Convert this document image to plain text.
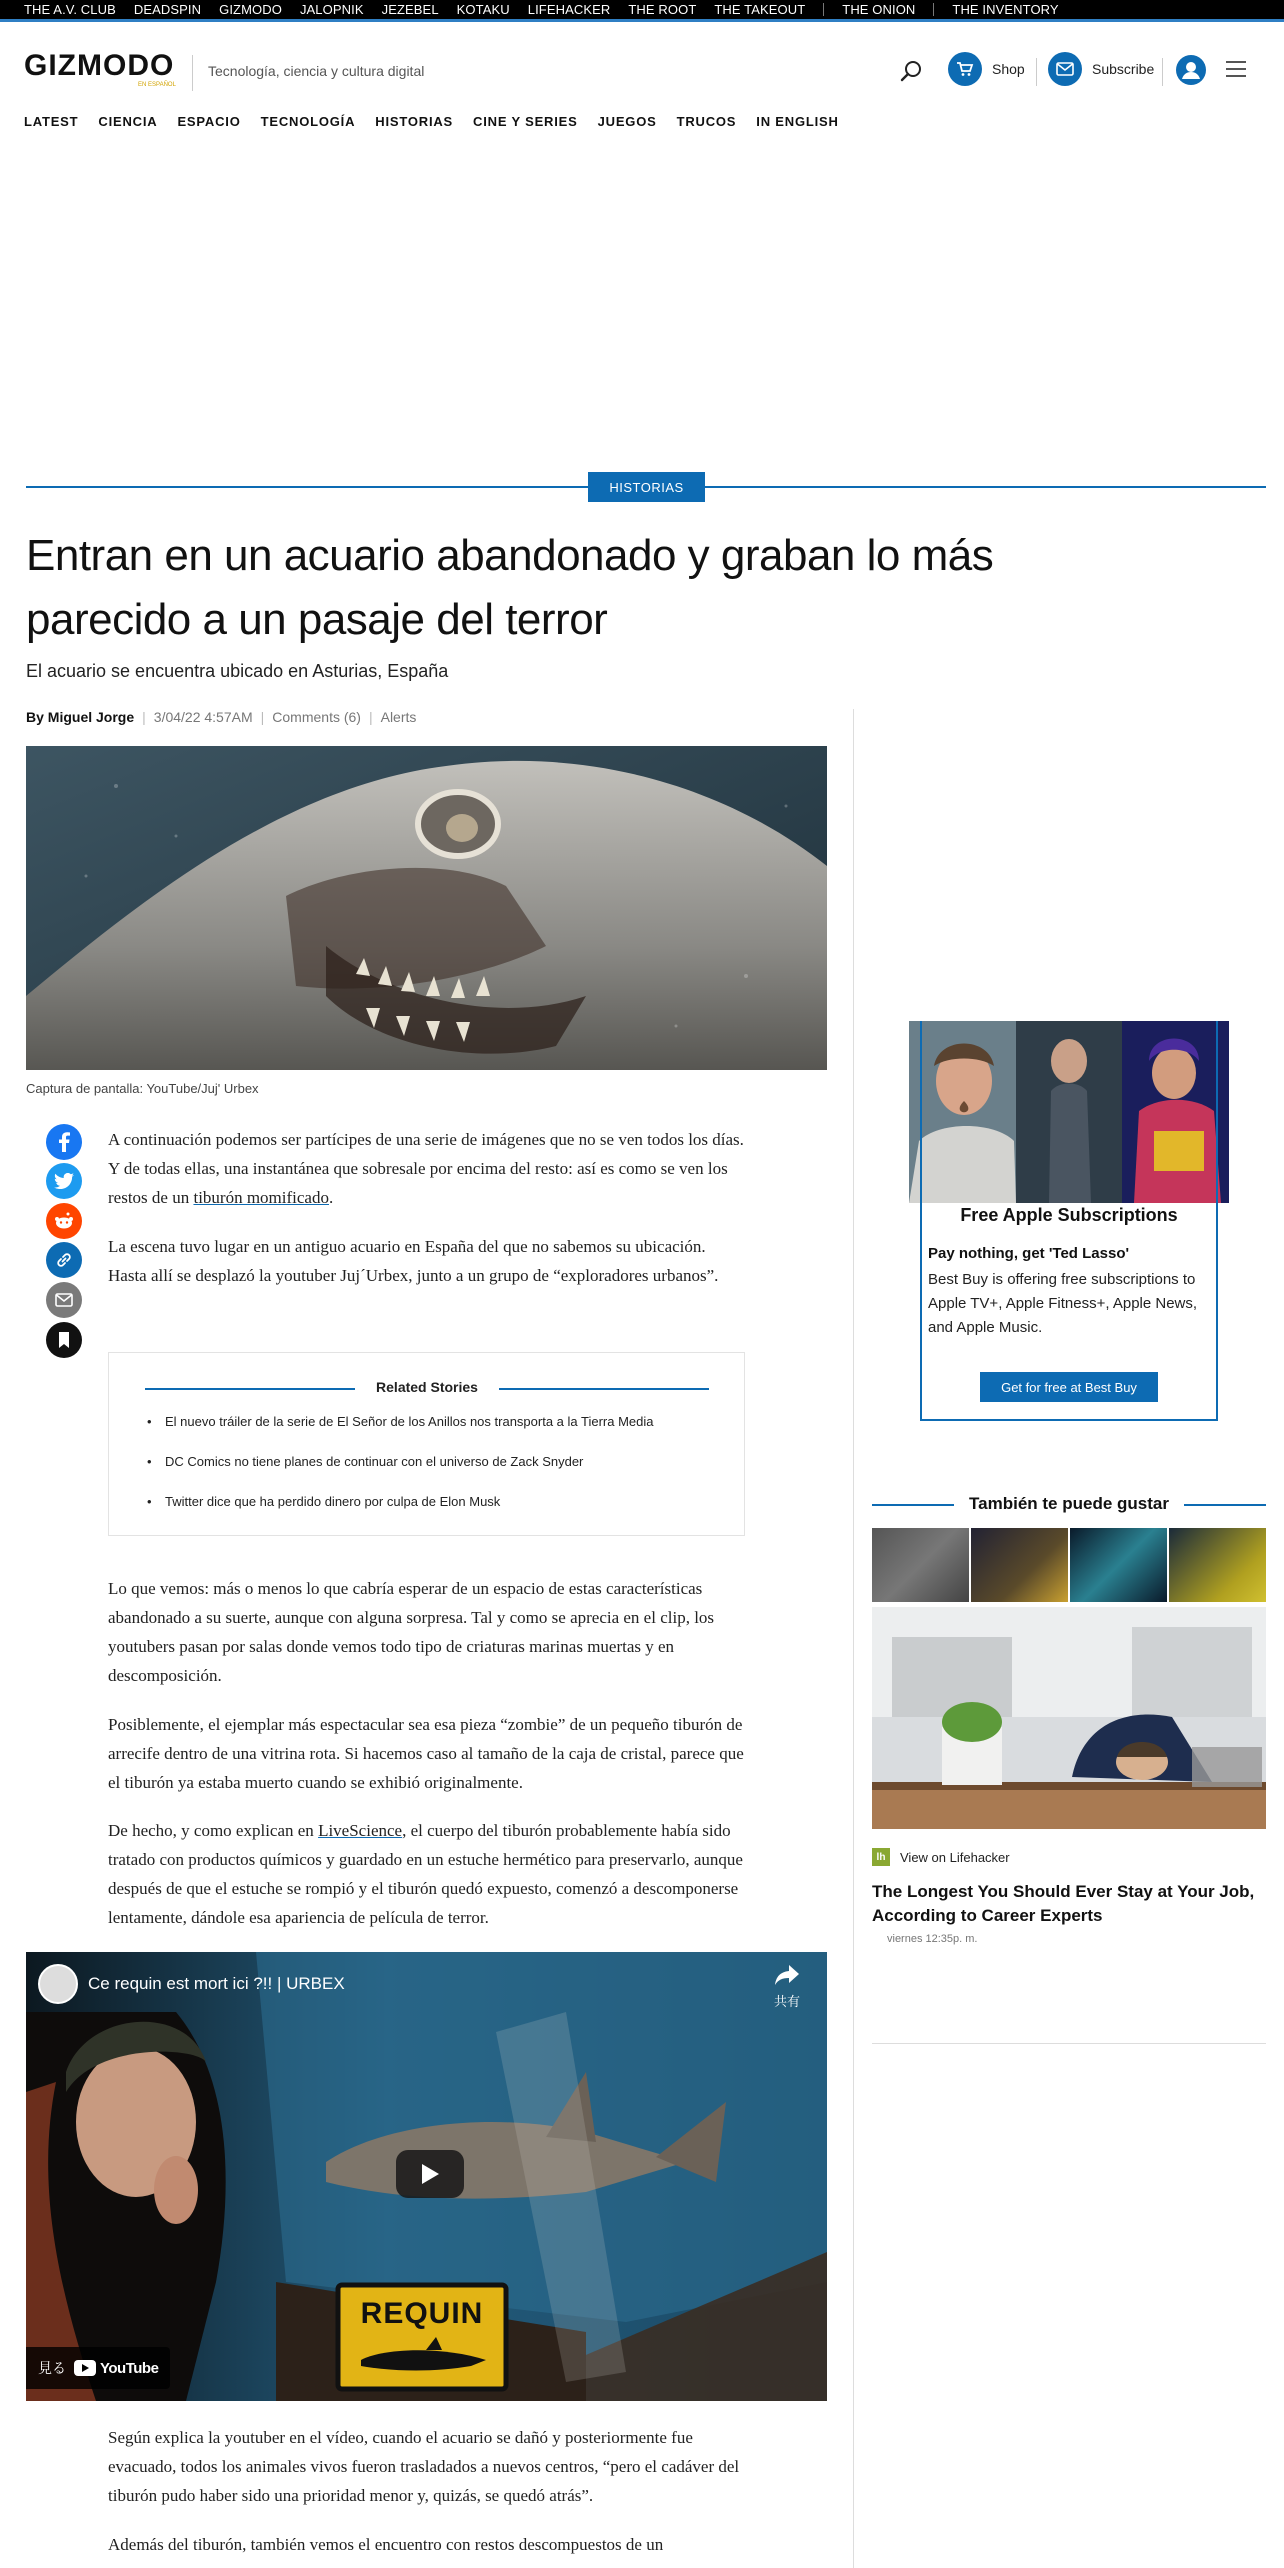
THE A.V. CLUB DEADSPIN GIZMODO JALOPNIK JEZEBEL KOTAKU LIFEHACKER THE ROOT THE TAKEOUT	THE ONION	THE INVENTORY
GIZMODO
EN ESPAÑOL
Tecnología, ciencia y cultura digital	Shop	Subscribe
LATEST CIENCIA ESPACIO TECNOLOGÍA HISTORIAS CINE Y SERIES JUEGOS TRUCOS IN ENGLISH
HISTORIAS
Entran en un acuario abandonado y graban lo más parecido a un pasaje del terror
El acuario se encuentra ubicado en Asturias, España
By Miguel Jorge | 3/04/22 4:57AM | Comments (6) | Alerts
Captura de pantalla: YouTube/Juj' Urbex

A continuación podemos ser partícipes de una serie de imágenes que no se ven todos los días. Y de todas ellas, una instantánea que sobresale por encima del resto: así es como se ven los restos de un tiburón momificado.

La escena tuvo lugar en un antiguo acuario en España del que no sabemos su ubicación. Hasta allí se desplazó la youtuber Juj´Urbex, junto a un grupo de “exploradores urbanos”.

Related Stories
• El nuevo tráiler de la serie de El Señor de los Anillos nos transporta a la Tierra Media
• DC Comics no tiene planes de continuar con el universo de Zack Snyder
• Twitter dice que ha perdido dinero por culpa de Elon Musk

Lo que vemos: más o menos lo que cabría esperar de un espacio de estas características abandonado a su suerte, aunque con alguna sorpresa. Tal y como se aprecia en el clip, los youtubers pasan por salas donde vemos todo tipo de criaturas marinas muertas y en descomposición.

Posiblemente, el ejemplar más espectacular sea esa pieza “zombie” de un pequeño tiburón de arrecife dentro de una vitrina rota. Si hacemos caso al tamaño de la caja de cristal, parece que el tiburón ya estaba muerto cuando se exhibió originalmente.

De hecho, y como explican en LiveScience, el cuerpo del tiburón probablemente había sido tratado con productos químicos y guardado en un estuche hermético para preservarlo, aunque después de que el estuche se rompió y el tiburón quedó expuesto, comenzó a descomponerse lentamente, dándole esa apariencia de película de terror.

Ce requin est mort ici ?!! | URBEX
共有
REQUIN
見る YouTube

Según explica la youtuber en el vídeo, cuando el acuario se dañó y posteriormente fue evacuado, todos los animales vivos fueron trasladados a nuevos centros, “pero el cadáver del tiburón pudo haber sido una prioridad menor y, quizás, se quedó atrás”.

Además del tiburón, también vemos el encuentro con restos descompuestos de un

Free Apple Subscriptions
Pay nothing, get 'Ted Lasso'
Best Buy is offering free subscriptions to Apple TV+, Apple Fitness+, Apple News, and Apple Music.
Get for free at Best Buy
También te puede gustar
lh	View on Lifehacker
The Longest You Should Ever Stay at Your Job, According to Career Experts
viernes 12:35p. m.
